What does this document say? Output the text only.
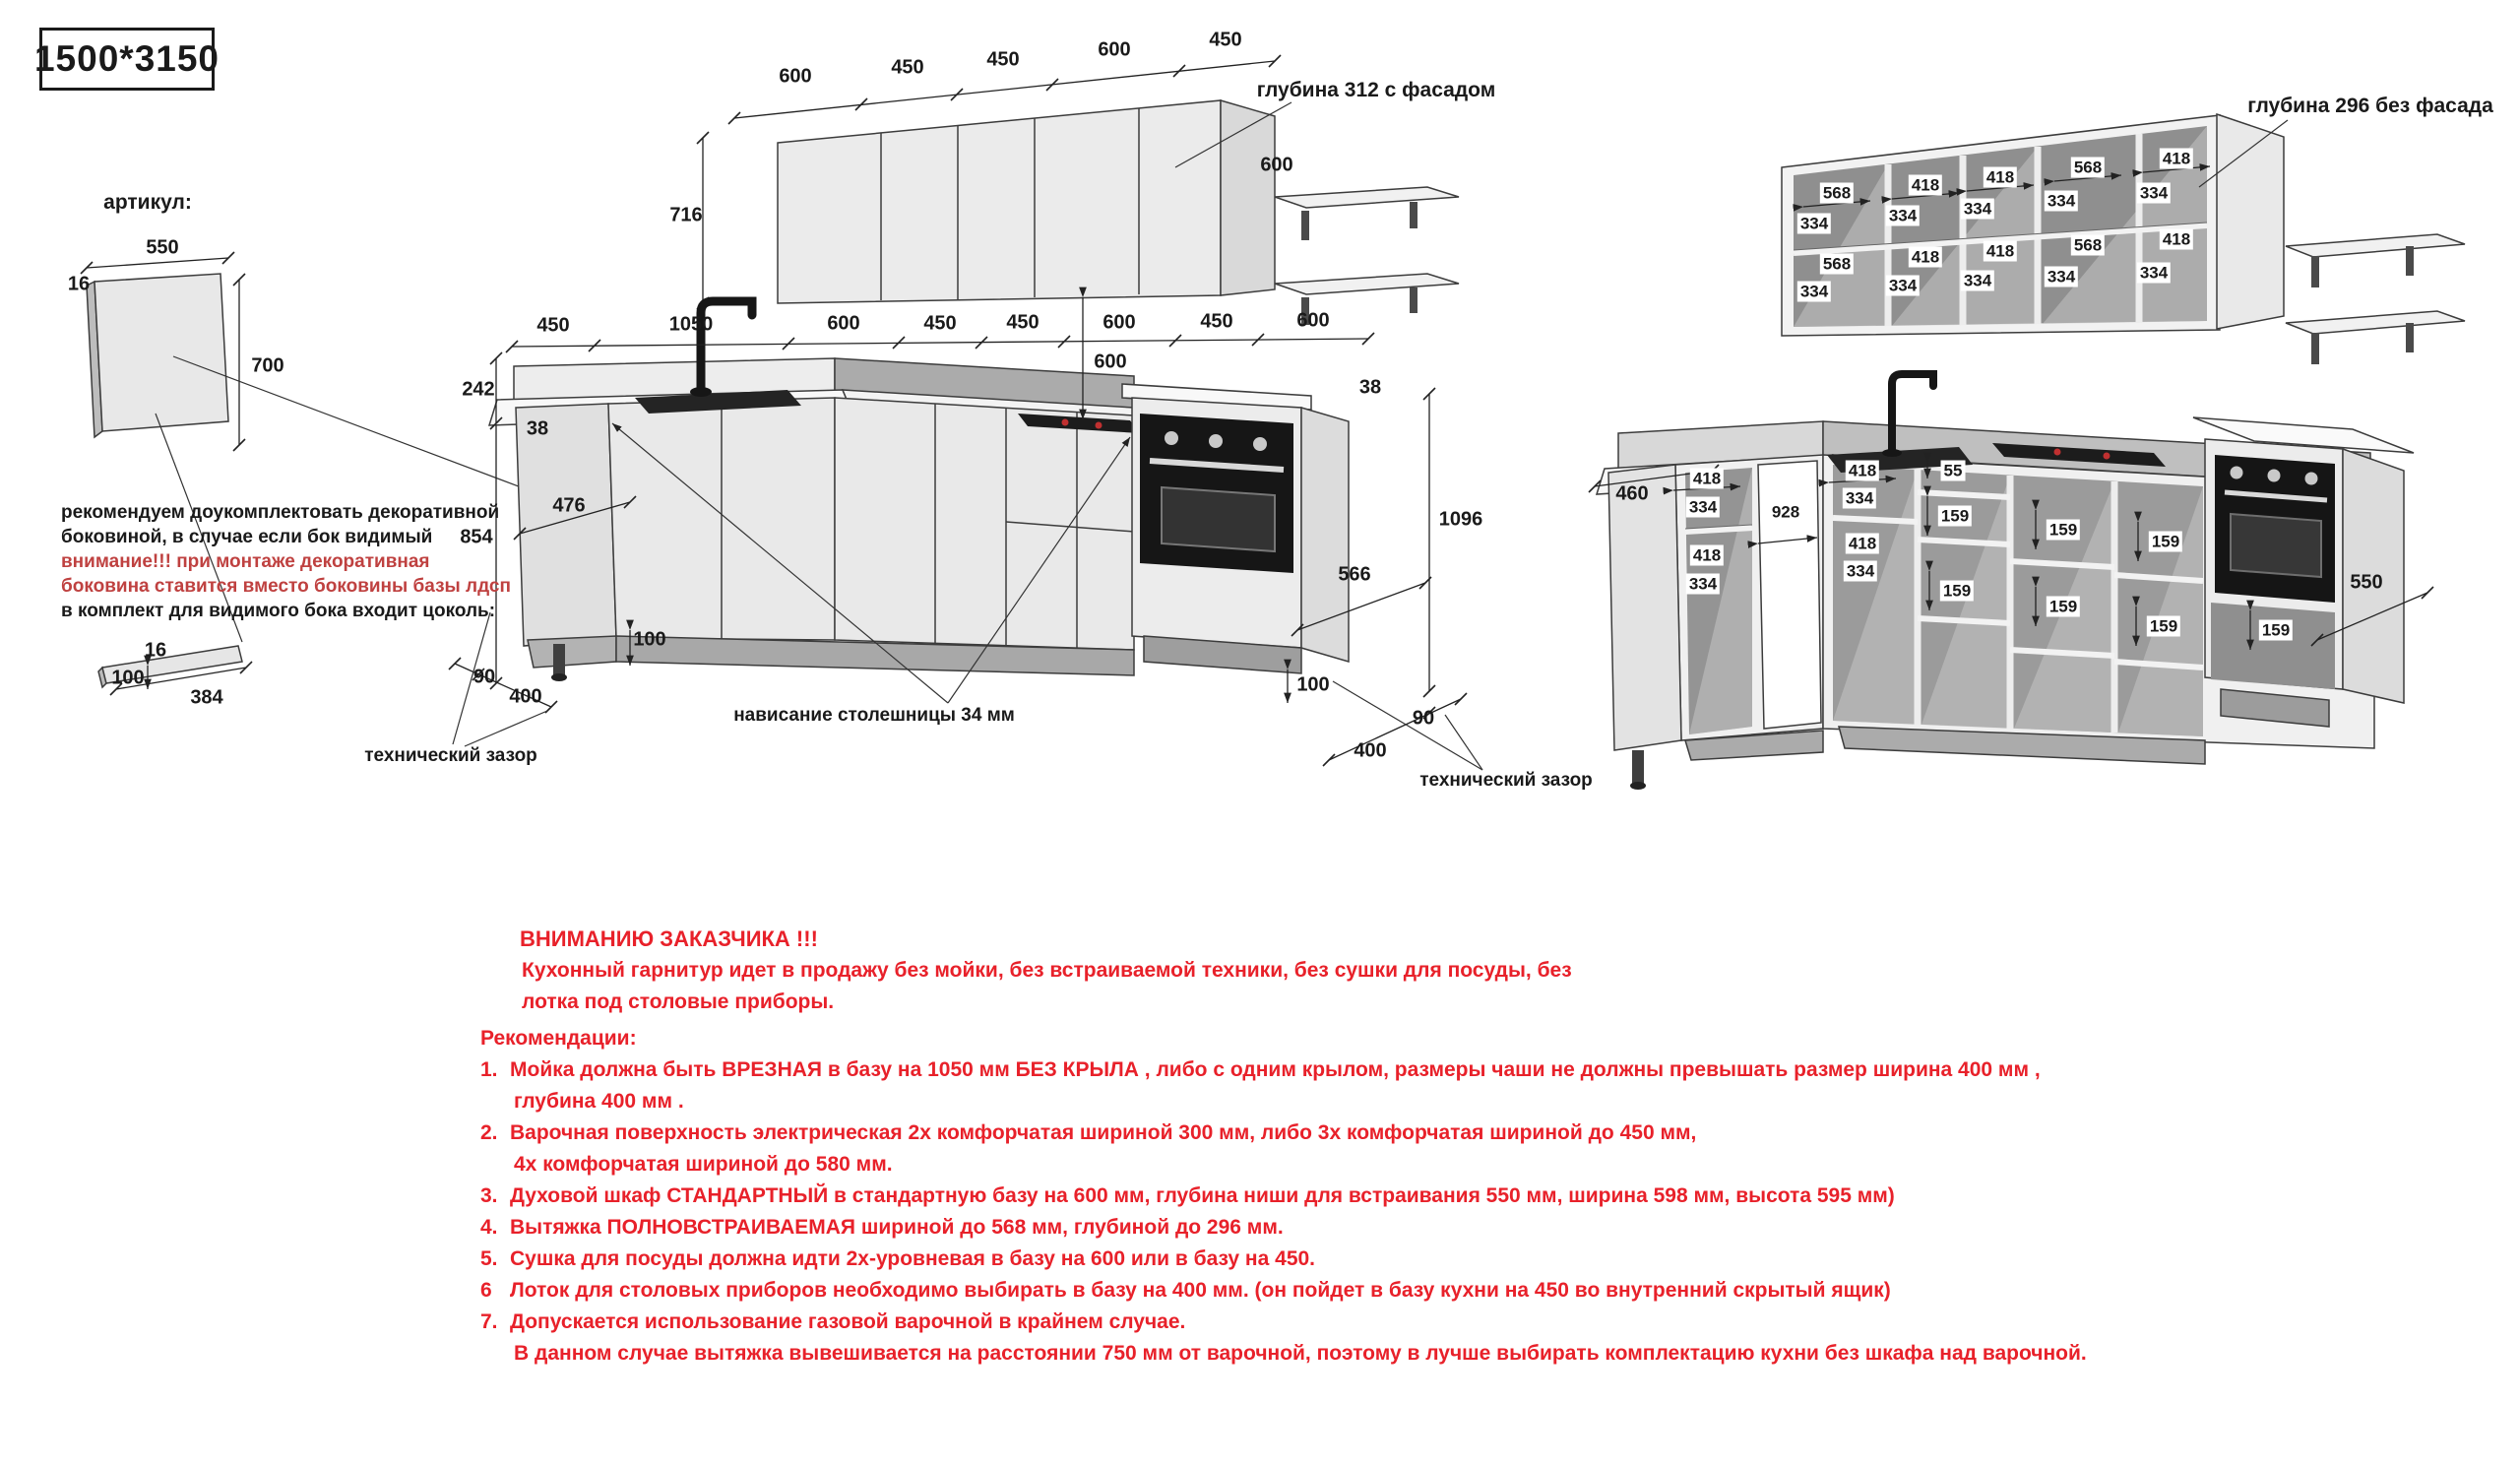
1500*3150
артикул:
550
16
700
рекомендуем доукомплектовать декоративной
боковиной, в случае если бок видимый
внимание!!! при монтаже декоративная
боковина ставится вместо боковины базы лдсп
в комплект для видимого бока входит цоколь:
16
100
384
600	450	450	600	450
716
глубина 312 с фасадом
600
600
450	1050	600	450	450	600	450	600
242
38
476
854
100
90
400
технический зазор
нависание столешницы 34 мм
38
1096
566
100
90
400
технический зазор
глубина 296 без фасада
568
334
568
334
418
334
418
334
418
334
418
334
568
334
568
334
418
334
418
334
460
418
334
418
334
928
418
334
418
334
55
159
159
159
159
159
159	159
550
ВНИМАНИЮ ЗАКАЗЧИКА !!!
Кухонный гарнитур идет в продажу без мойки, без встраиваемой техники, без сушки для посуды, без
лотка под столовые приборы.
Рекомендации:
1. Мойка должна быть ВРЕЗНАЯ в базу на 1050 мм БЕЗ КРЫЛА , либо с одним крылом, размеры чаши не должны превышать размер ширина 400 мм ,
глубина 400 мм .
2. Варочная поверхность электрическая 2х комфорчатая шириной 300 мм, либо 3х комфорчатая шириной до 450 мм,
4х комфорчатая шириной до 580 мм.
3. Духовой шкаф СТАНДАРТНЫЙ в стандартную базу на 600 мм, глубина ниши для встраивания 550 мм, ширина 598 мм, высота 595 мм)
4. Вытяжка ПОЛНОВСТРАИВАЕМАЯ шириной до 568 мм, глубиной до 296 мм.
5. Сушка для посуды должна идти 2х-уровневая в базу на 600 или в базу на 450.
6 Лоток для столовых приборов необходимо выбирать в базу на 400 мм. (он пойдет в базу кухни на 450 во внутренний скрытый ящик)
7. Допускается использование газовой варочной в крайнем случае.
В данном случае вытяжка вывешивается на расстоянии 750 мм от варочной, поэтому в лучше выбирать комплектацию кухни без шкафа над варочной.
